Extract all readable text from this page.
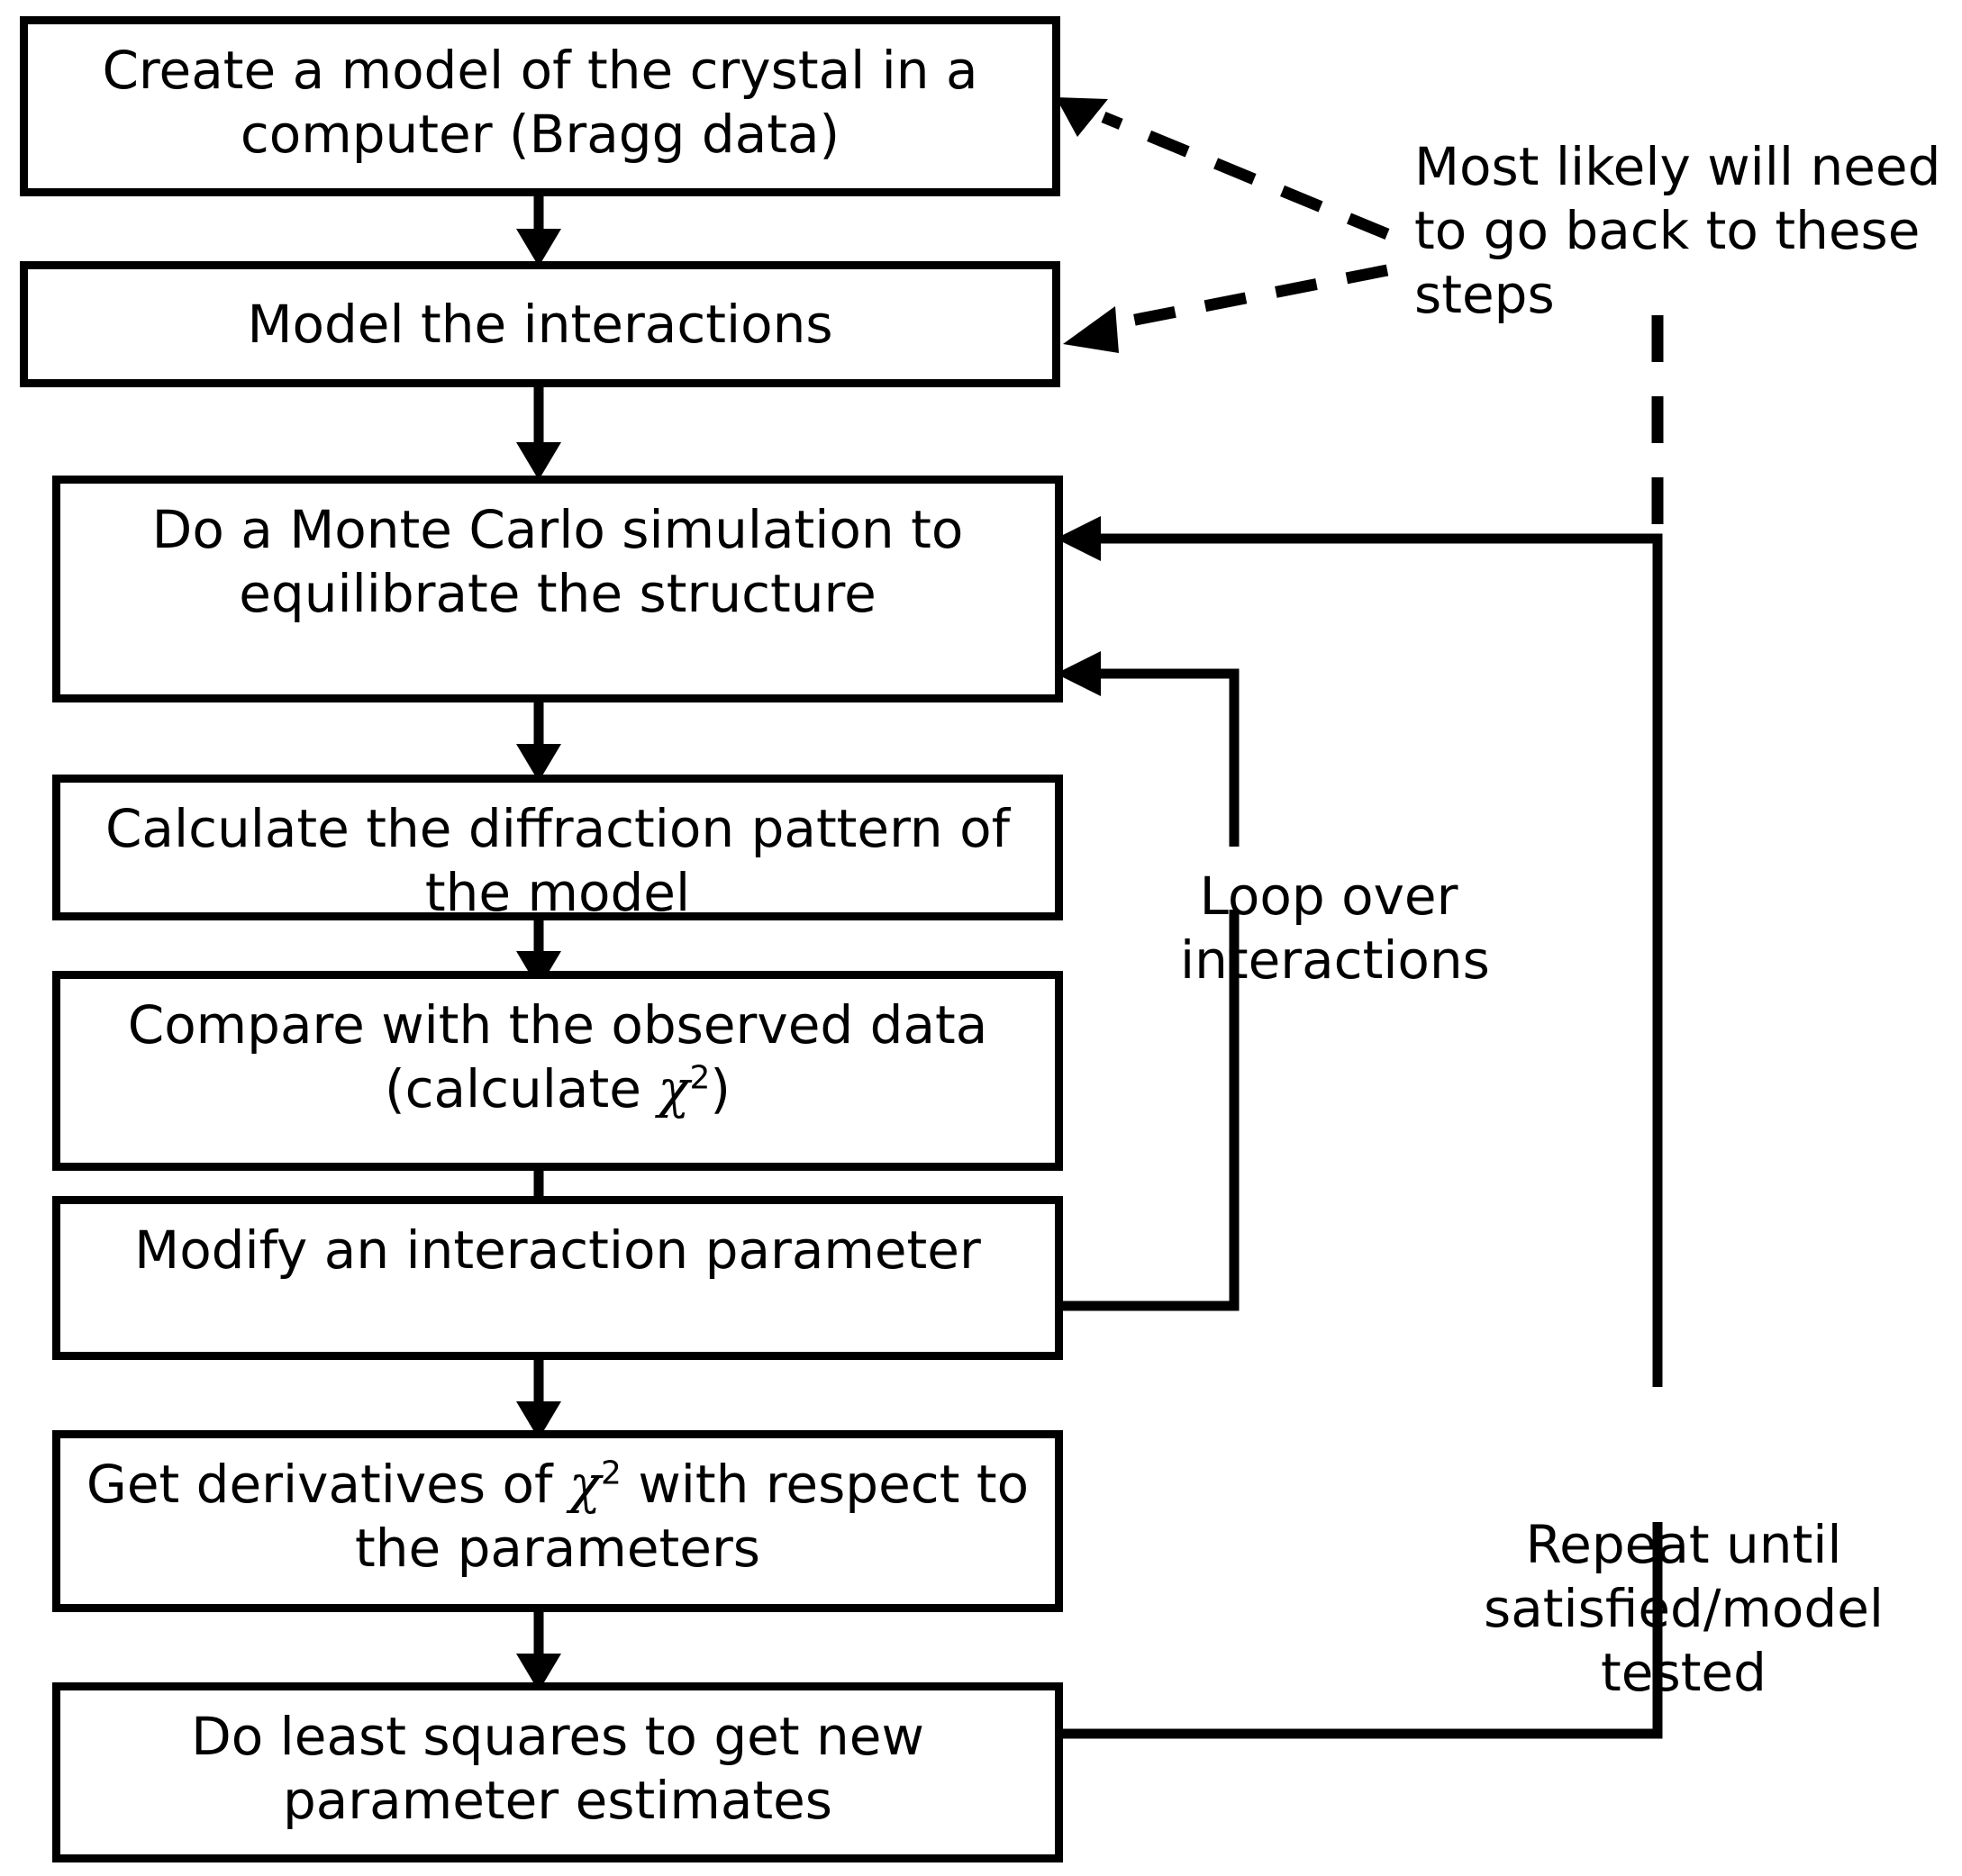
Create a model of the crystal in a computer (Bragg data)
Model the interactions
Do a Monte Carlo simulation to equilibrate the structure
Calculate the diffraction pattern of the model
Compare with the observed data
(calculate $\chi^2$)
Modify an interaction parameter
Get derivatives of $\chi^2$ with respect to
the parameters
Do least squares to get new parameter estimates
Most likely will need to go back to these steps
Loop over interactions
Repeat until satisfied/model tested
